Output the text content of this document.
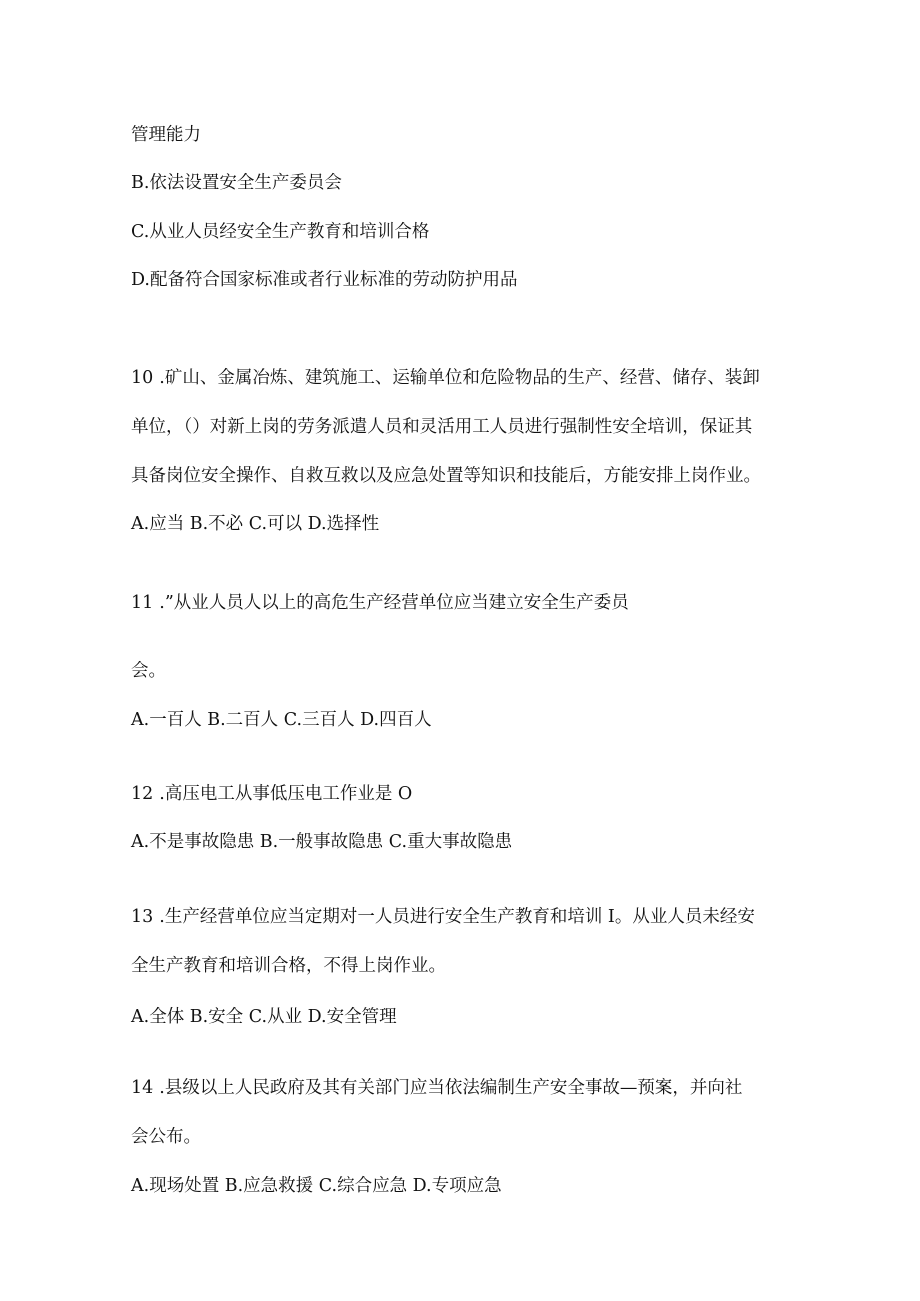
管理能力
B.依法设置安全生产委员会
C.从业人员经安全生产教育和培训合格
D.配备符合国家标准或者行业标准的劳动防护用品
10 .矿山、金属冶炼、建筑施工、运输单位和危险物品的生产、经营、储存、装卸
单位，（）对新上岗的劳务派遣人员和灵活用工人员进行强制性安全培训，保证其
具备岗位安全操作、自救互救以及应急处置等知识和技能后，方能安排上岗作业。
A.应当 B.不必 C.可以 D.选择性
11 .”从业人员人以上的高危生产经营单位应当建立安全生产委员
会。
A.一百人 B.二百人 C.三百人 D.四百人
12 .高压电工从事低压电工作业是 O
A.不是事故隐患 B.一般事故隐患 C.重大事故隐患
13 .生产经营单位应当定期对一人员进行安全生产教育和培训 I。从业人员未经安
全生产教育和培训合格，不得上岗作业。
A.全体 B.安全 C.从业 D.安全管理
14 .县级以上人民政府及其有关部门应当依法编制生产安全事故—预案，并向社
会公布。
A.现场处置 B.应急救援 C.综合应急 D.专项应急
